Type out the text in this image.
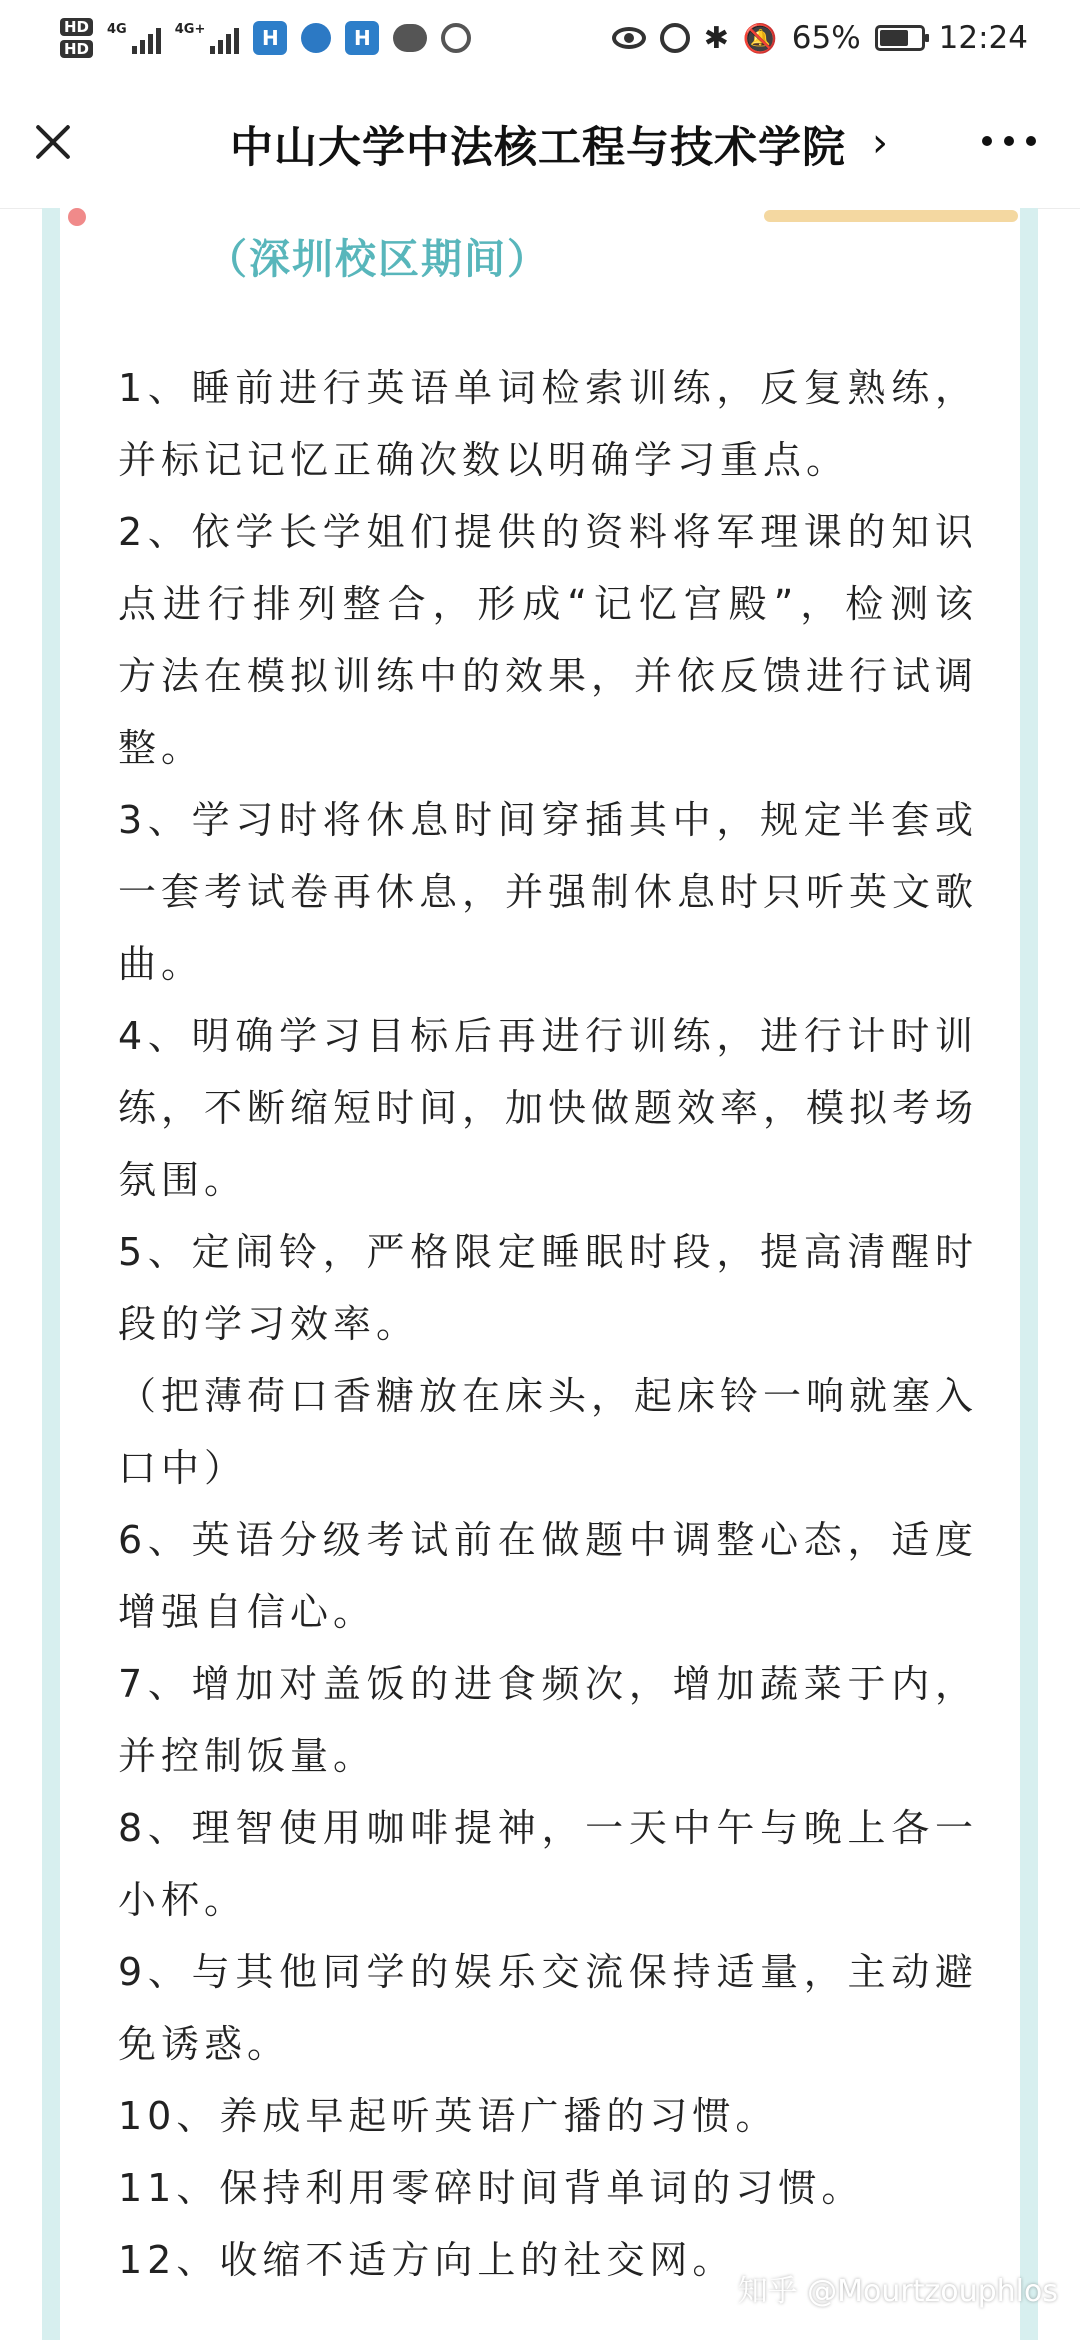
HD
HD
4G	4G+	H	H	✱ 🔕 65%	12:24
中山大学中法核工程与技术学院 ›
（深圳校区期间）

1、睡前进行英语单词检索训练，反复熟练，并标记记忆正确次数以明确学习重点。

2、依学长学姐们提供的资料将军理课的知识点进行排列整合，形成“记忆宫殿”，检测该方法在模拟训练中的效果，并依反馈进行试调整。

3、学习时将休息时间穿插其中，规定半套或一套考试卷再休息，并强制休息时只听英文歌曲。

4、明确学习目标后再进行训练，进行计时训练，不断缩短时间，加快做题效率，模拟考场氛围。

5、定闹铃，严格限定睡眠时段，提高清醒时段的学习效率。

（把薄荷口香糖放在床头，起床铃一响就塞入口中）

6、英语分级考试前在做题中调整心态，适度增强自信心。

7、增加对盖饭的进食频次，增加蔬菜于内，并控制饭量。

8、理智使用咖啡提神，一天中午与晚上各一小杯。

9、与其他同学的娱乐交流保持适量，主动避免诱惑。

10、养成早起听英语广播的习惯。

11、保持利用零碎时间背单词的习惯。

12、收缩不适方向上的社交网。

知乎 @Mourtzouphlos
